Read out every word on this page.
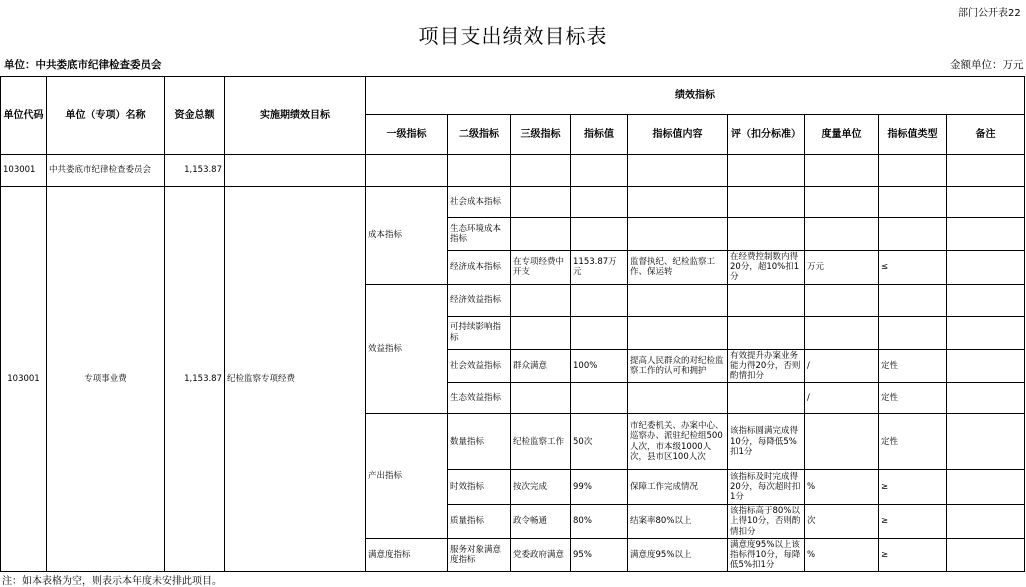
部门公开表22
项目支出绩效目标表
单位：中共娄底市纪律检查委员会	金额单位：万元
单位代码	单位（专项）名称	资金总额	实施期绩效目标	绩效指标								
				一级指标	二级指标	三级指标	指标值	指标值内容	评（扣分标准）	度量单位	指标值类型	备注
103001	中共娄底市纪律检查委员会	1,153.87										
103001	专项事业费	1,153.87	纪检监察专项经费	成本指标	社会成本指标							
					生态环境成本指标							
					经济成本指标	在专项经费中开支	1153.87万元	监督执纪、纪检监察工作、保运转	在经费控制数内得20分，超10%扣1分	万元	≤	
				效益指标	经济效益指标							
					可持续影响指标							
					社会效益指标	群众满意	100%	提高人民群众的对纪检监察工作的认可和拥护	有效提升办案业务能力得20分，否则酌情扣分	/	定性	
					生态效益指标					/	定性	
				产出指标	数量指标	纪检监察工作	50次	市纪委机关、办案中心、巡察办、派驻纪检组500人次，市本级1000人次，县市区100人次	该指标圆满完成得10分，每降低5%扣1分		定性	
					时效指标	按次完成	99%	保障工作完成情况	该指标及时完成得20分，每次超时扣1分	%	≥	
					质量指标	政令畅通	80%	结案率80%以上	该指标高于80%以上得10分，否则酌情扣分	次	≥	
				满意度指标	服务对象满意度指标	党委政府满意	95%	满意度95%以上	满意度95%以上该指标得10分，每降低5%扣1分	%	≥	
注：如本表格为空，则表示本年度未安排此项目。
